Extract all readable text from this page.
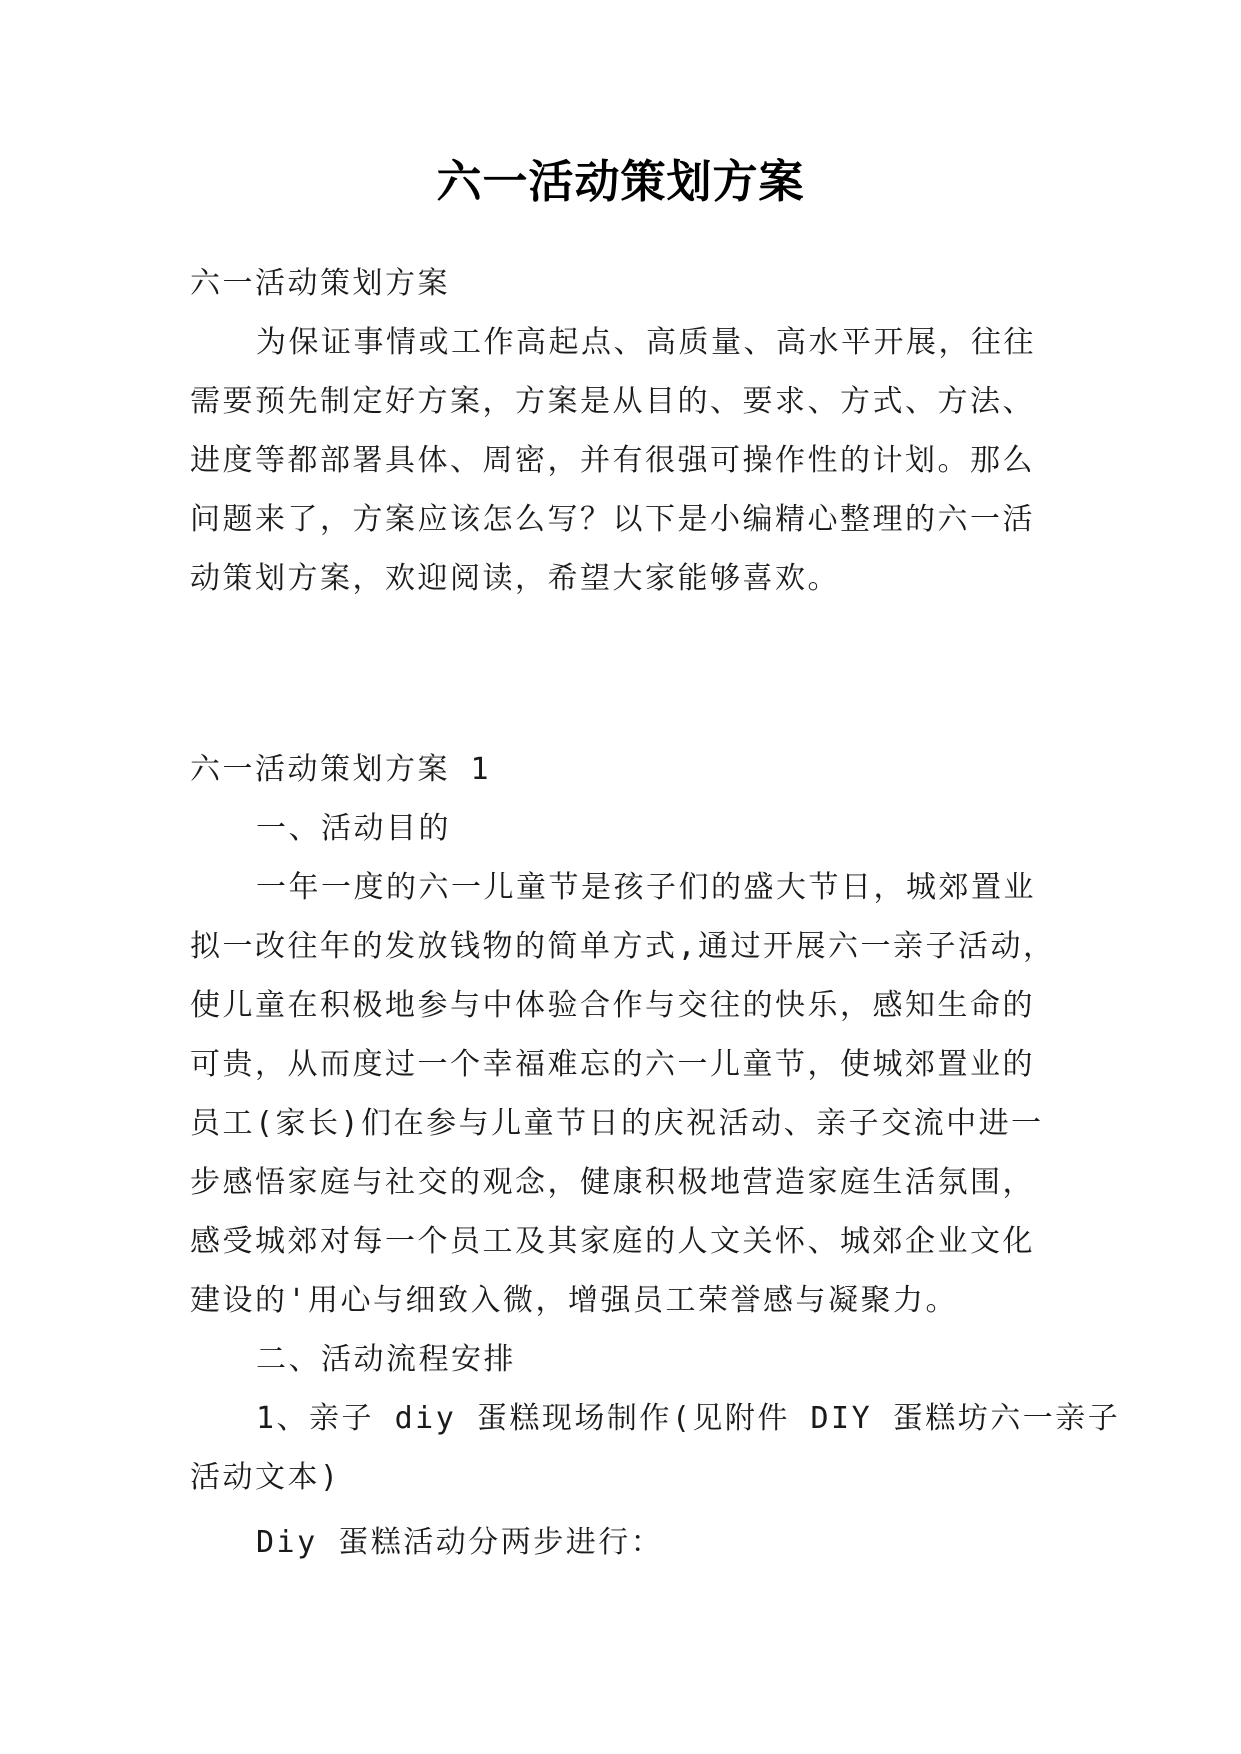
六一活动策划方案
六一活动策划方案
为保证事情或工作高起点、高质量、高水平开展，往往
需要预先制定好方案，方案是从目的、要求、方式、方法、
进度等都部署具体、周密，并有很强可操作性的计划。那么
问题来了，方案应该怎么写？以下是小编精心整理的六一活
动策划方案，欢迎阅读，希望大家能够喜欢。
六一活动策划方案 1
一、活动目的
一年一度的六一儿童节是孩子们的盛大节日，城郊置业
拟一改往年的发放钱物的简单方式,通过开展六一亲子活动，
使儿童在积极地参与中体验合作与交往的快乐，感知生命的
可贵，从而度过一个幸福难忘的六一儿童节，使城郊置业的
员工(家长)们在参与儿童节日的庆祝活动、亲子交流中进一
步感悟家庭与社交的观念，健康积极地营造家庭生活氛围，
感受城郊对每一个员工及其家庭的人文关怀、城郊企业文化
建设的'用心与细致入微，增强员工荣誉感与凝聚力。
二、活动流程安排
1、亲子 diy 蛋糕现场制作(见附件 DIY 蛋糕坊六一亲子
活动文本)
Diy 蛋糕活动分两步进行：
